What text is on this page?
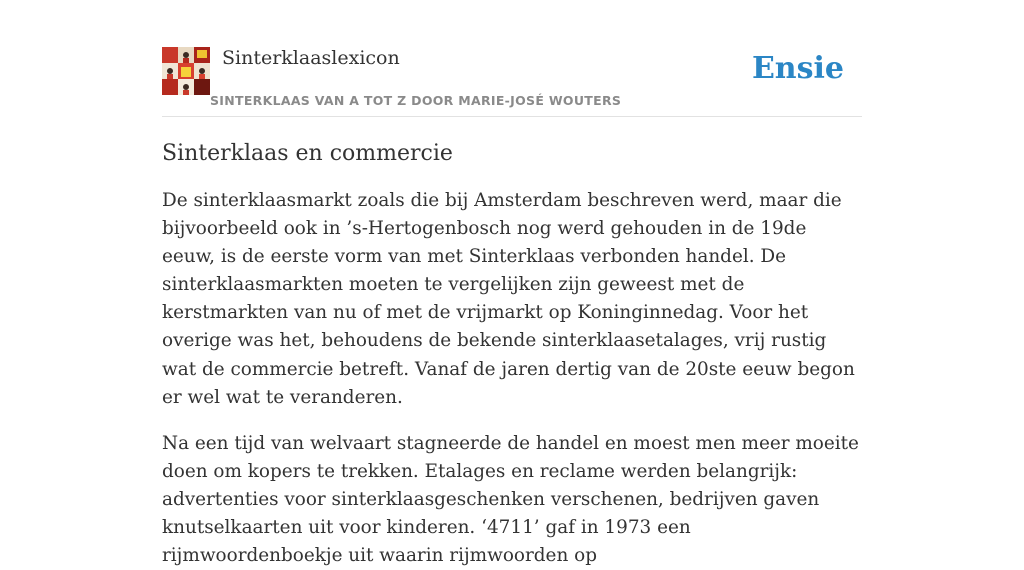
Sinterklaaslexicon
SINTERKLAAS VAN A TOT Z DOOR MARIE-JOSÉ WOUTERS
Ensie
Sinterklaas en commercie

De sinterklaasmarkt zoals die bij Amsterdam beschreven werd, maar die bijvoorbeeld ook in ’s-Hertogenbosch nog werd gehouden in de 19de eeuw, is de eerste vorm van met Sinterklaas verbonden handel. De sinterklaasmarkten moeten te vergelijken zijn geweest met de kerstmarkten van nu of met de vrijmarkt op Koninginnedag. Voor het overige was het, behoudens de bekende sinterklaasetalages, vrij rustig wat de commercie betreft. Vanaf de jaren dertig van de 20ste eeuw begon er wel wat te veranderen.

Na een tijd van welvaart stagneerde de handel en moest men meer moeite doen om kopers te trekken. Etalages en reclame werden belangrijk: advertenties voor sinterklaasgeschenken verschenen, bedrijven gaven knutselkaarten uit voor kinderen. ‘4711’ gaf in 1973 een rijmwoordenboekje uit waarin rijmwoorden op
